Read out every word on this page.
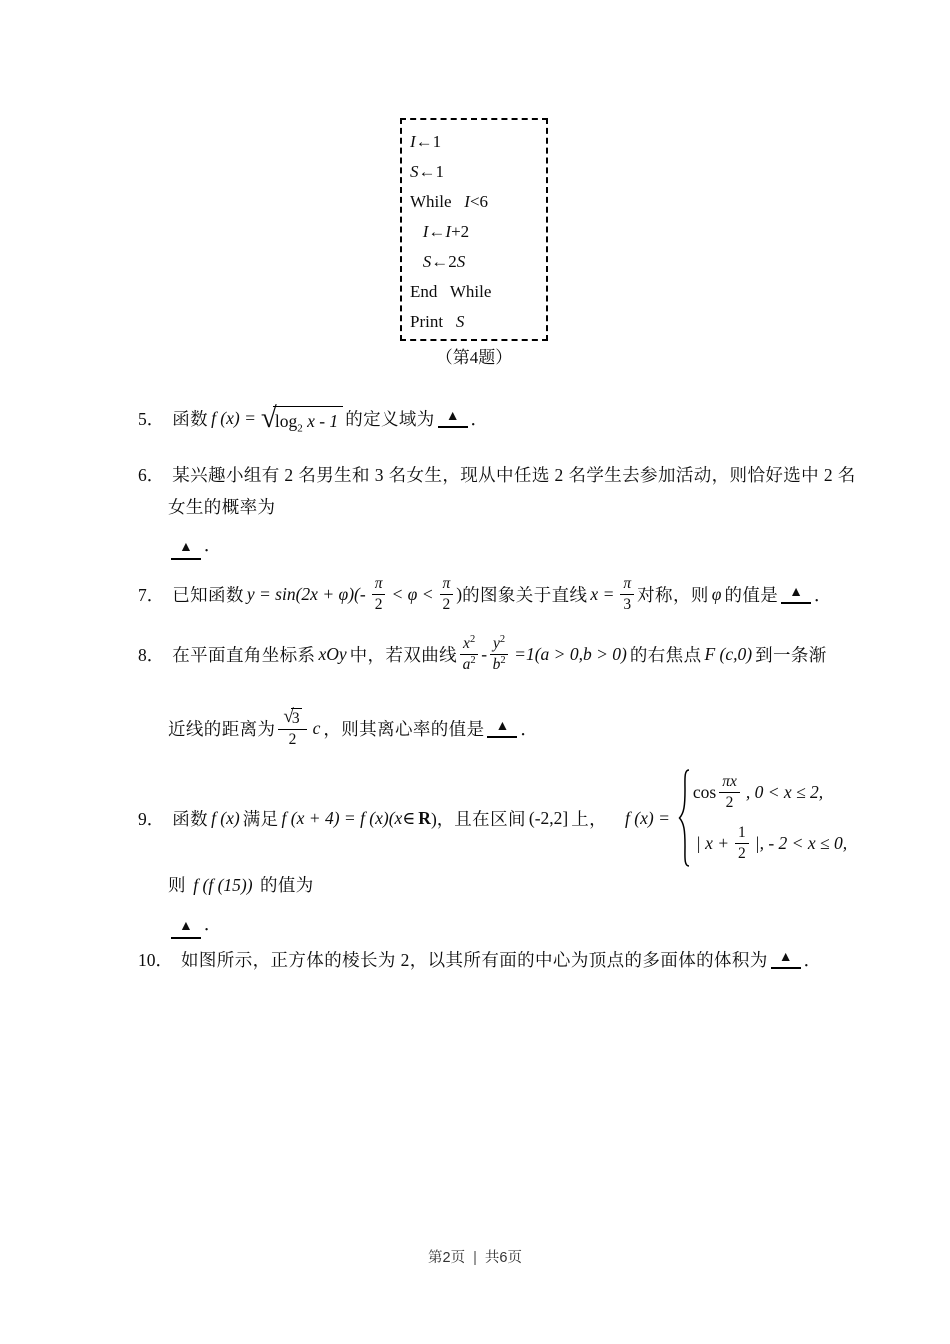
I←1
S←1
While   I<6
I←I+2
S←2S
End   While
Print   S
（第4题）
5． 函数 f (x) = √
$\log_2 x - 1$ 的定义域为 ▲ ．
6． 某兴趣小组有 2 名男生和 3 名女生，现从中任选 2 名学生去参加活动，则恰好选中 2 名
女生的概率为
▲ ．
7． 已知函数 $y = \sin(2x + \varphi)(- \frac{\pi}{2} < \varphi < \frac{\pi}{2}$ ) 的图象关于直线 $x = \frac{\pi}{3}$ 对称，则 φ 的值是 ▲ ．
8． 在平面直角坐标系 xOy 中，若双曲线 $\frac{x^2}{a^2} - \frac{y^2}{b^2} =1(a > 0,b > 0)$ 的右焦点 F (c,0) 到一条渐
近线的距离为 √
3
2 c ，则其离心率的值是 ▲ ．
9． 函数 f (x) 满足 f (x + 4) = f (x)(x∈ R )， 且在区间 (-2,2] 上， f (x) =
$\cos \frac{\pi x}{2}$ , 0 < x ≤ 2,
| $x + \frac{1}{2}$ |, - 2 < x ≤ 0,
则 f (f (15)) 的值为
▲ ．
10． 如图所示，正方体的棱长为 2，以其所有面的中心为顶点的多面体的体积为 ▲ ．
第2页 | 共6页
